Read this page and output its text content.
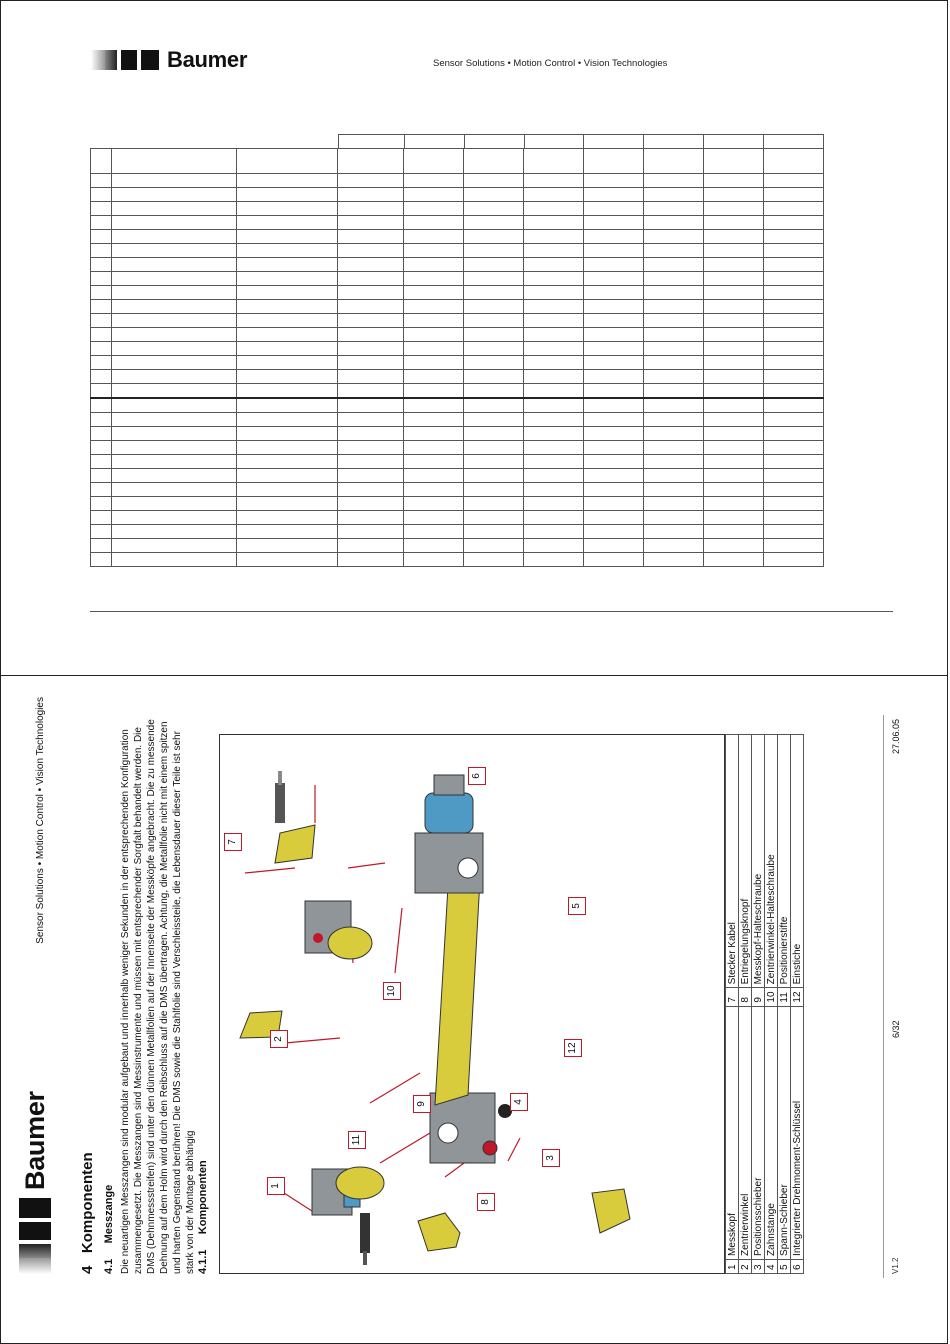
Baumer	Sensor Solutions • Motion Control • Vision Technologies

Baumer
Sensor Solutions • Motion Control • Vision Technologies
4   Komponenten
4.1     Messzange Die neuartigen Messzangen sind modular aufgebaut und innerhalb weniger Sekunden in der entsprechenden Konfiguration zusammengesetzt. Die Messzangen sind Messinstrumente und müssen mit entsprechender Sorgfalt behandelt werden. Die DMS (Dehnmessstreifen) sind unter den dünnen Metallfolien auf der Innenseite der Messköpfe angebracht. Die zu messende Dehnung auf dem Holm wird durch den Reibschluss auf die DMS übertragen. Achtung, die Metallfolie nicht mit einem spitzen und harten Gegenstand berühren! Die DMS sowie die Stahlfolie sind Verschleissteile, die Lebensdauer dieser Teile ist sehr stark von der Montage abhängig 4.1.1     Komponenten	1
2
3
4
5
6
7
8
9
10
11
12
1	Messkopf	7	Stecker Kabel
2	Zentrierwinkel	8	Entriegelungsknopf
3	Positionsschieber	9	Messkopf-Halteschraube
4	Zahnstange	10	Zentrierwinkel-Halteschraube
5	Spann-Schieber	11	Positionierstifte
6	Integrierter Drehmoment-Schlüssel	12	Einstiche
V1.2
6/32
27.06.05
